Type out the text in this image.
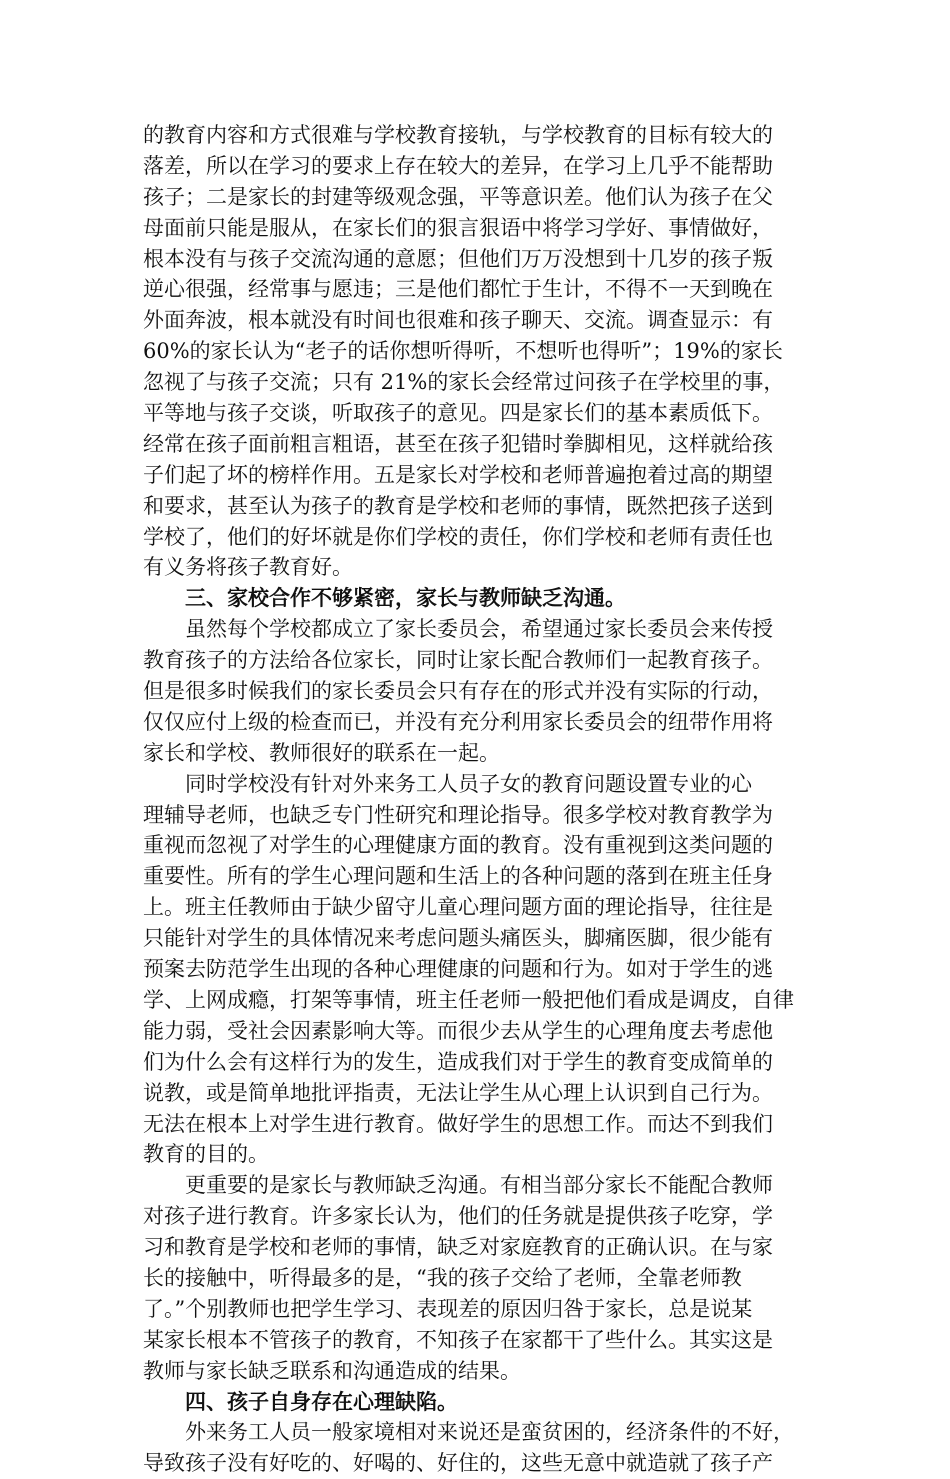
的教育内容和方式很难与学校教育接轨，与学校教育的目标有较大的
落差，所以在学习的要求上存在较大的差异，在学习上几乎不能帮助
孩子；二是家长的封建等级观念强，平等意识差。他们认为孩子在父
母面前只能是服从，在家长们的狠言狠语中将学习学好、事情做好，
根本没有与孩子交流沟通的意愿；但他们万万没想到十几岁的孩子叛
逆心很强，经常事与愿违；三是他们都忙于生计，不得不一天到晚在
外面奔波，根本就没有时间也很难和孩子聊天、交流。调查显示：有
60%的家长认为“老子的话你想听得听，不想听也得听”；19%的家长
忽视了与孩子交流；只有 21%的家长会经常过问孩子在学校里的事，
平等地与孩子交谈，听取孩子的意见。四是家长们的基本素质低下。
经常在孩子面前粗言粗语，甚至在孩子犯错时拳脚相见，这样就给孩
子们起了坏的榜样作用。五是家长对学校和老师普遍抱着过高的期望
和要求，甚至认为孩子的教育是学校和老师的事情，既然把孩子送到
学校了，他们的好坏就是你们学校的责任，你们学校和老师有责任也
有义务将孩子教育好。
三、家校合作不够紧密，家长与教师缺乏沟通。
虽然每个学校都成立了家长委员会，希望通过家长委员会来传授
教育孩子的方法给各位家长，同时让家长配合教师们一起教育孩子。
但是很多时候我们的家长委员会只有存在的形式并没有实际的行动，
仅仅应付上级的检查而已，并没有充分利用家长委员会的纽带作用将
家长和学校、教师很好的联系在一起。
同时学校没有针对外来务工人员子女的教育问题设置专业的心
理辅导老师，也缺乏专门性研究和理论指导。很多学校对教育教学为
重视而忽视了对学生的心理健康方面的教育。没有重视到这类问题的
重要性。所有的学生心理问题和生活上的各种问题的落到在班主任身
上。班主任教师由于缺少留守儿童心理问题方面的理论指导，往往是
只能针对学生的具体情况来考虑问题头痛医头，脚痛医脚，很少能有
预案去防范学生出现的各种心理健康的问题和行为。如对于学生的逃
学、上网成瘾，打架等事情，班主任老师一般把他们看成是调皮，自律
能力弱，受社会因素影响大等。而很少去从学生的心理角度去考虑他
们为什么会有这样行为的发生，造成我们对于学生的教育变成简单的
说教，或是简单地批评指责，无法让学生从心理上认识到自己行为。
无法在根本上对学生进行教育。做好学生的思想工作。而达不到我们
教育的目的。
更重要的是家长与教师缺乏沟通。有相当部分家长不能配合教师
对孩子进行教育。许多家长认为，他们的任务就是提供孩子吃穿，学
习和教育是学校和老师的事情，缺乏对家庭教育的正确认识。在与家
长的接触中，听得最多的是，“我的孩子交给了老师，全靠老师教
了。”个别教师也把学生学习、表现差的原因归咎于家长，总是说某
某家长根本不管孩子的教育，不知孩子在家都干了些什么。其实这是
教师与家长缺乏联系和沟通造成的结果。
四、孩子自身存在心理缺陷。
外来务工人员一般家境相对来说还是蛮贫困的，经济条件的不好，
导致孩子没有好吃的、好喝的、好住的，这些无意中就造就了孩子产
